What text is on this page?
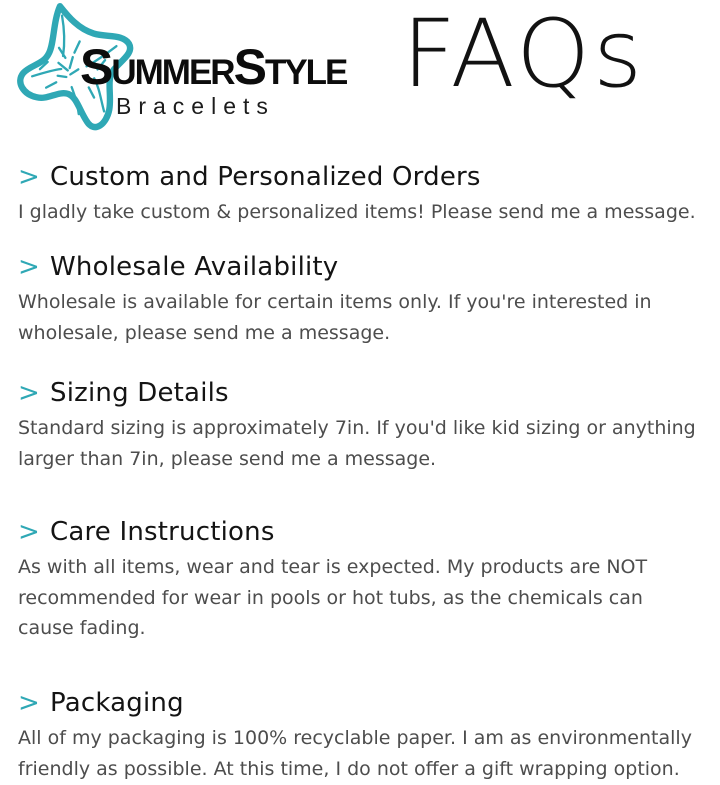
SUMMERSTYLE
Bracelets	FAQs
> Custom and Personalized Orders

I gladly take custom & personalized items! Please send me a message.

> Wholesale Availability

Wholesale is available for certain items only. If you're interested in wholesale, please send me a message.

> Sizing Details

Standard sizing is approximately 7in. If you'd like kid sizing or anything larger than 7in, please send me a message.

> Care Instructions

As with all items, wear and tear is expected. My products are NOT recommended for wear in pools or hot tubs, as the chemicals can cause fading.

> Packaging

All of my packaging is 100% recyclable paper. I am as environmentally friendly as possible. At this time, I do not offer a gift wrapping option.
